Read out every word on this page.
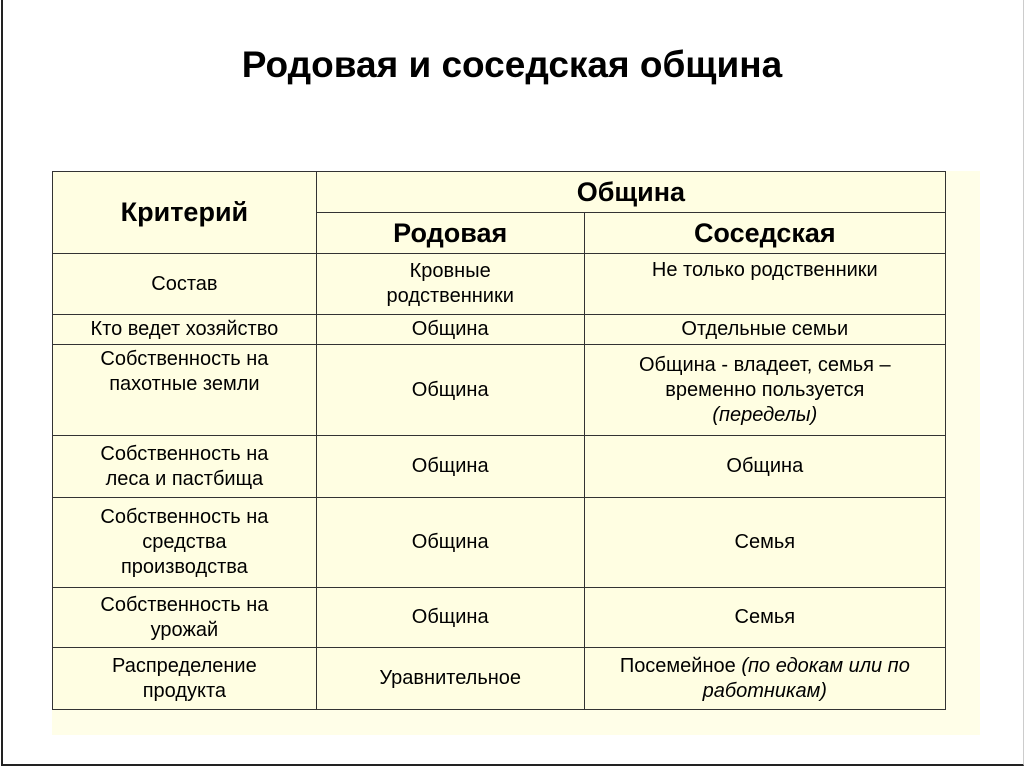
Родовая и соседская община
Критерий	Община	
	Родовая	Соседская
Состав	Кровные родственники	Не только родственники
Кто ведет хозяйство	Община	Отдельные семьи
Собственность на пахотные земли	Община	Община - владеет, семья – временно пользуется (переделы)
Собственность на леса и пастбища	Община	Община
Собственность на средства производства	Община	Семья
Собственность на урожай	Община	Семья
Распределение продукта	Уравнительное	Посемейное (по едокам или по работникам)
